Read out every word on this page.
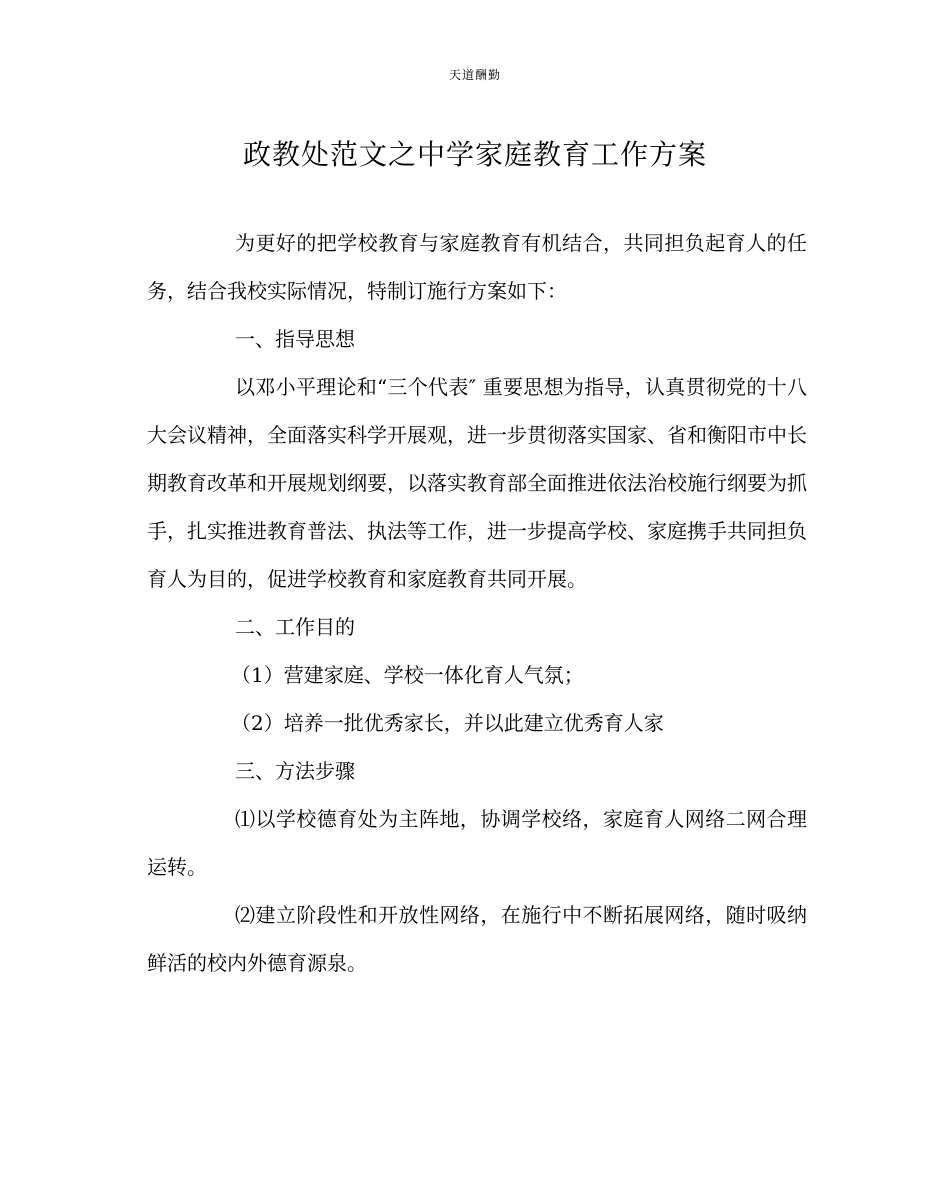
天道酬勤
政教处范文之中学家庭教育工作方案

为更好的把学校教育与家庭教育有机结合，共同担负起育人的任务，结合我校实际情况，特制订施行方案如下：

一、指导思想

以邓小平理论和“三个代表″ 重要思想为指导，认真贯彻党的十八大会议精神，全面落实科学开展观，进一步贯彻落实国家、省和衡阳市中长期教育改革和开展规划纲要，以落实教育部全面推进依法治校施行纲要为抓手，扎实推进教育普法、执法等工作，进一步提高学校、家庭携手共同担负育人为目的，促进学校教育和家庭教育共同开展。

二、工作目的

（1）营建家庭、学校一体化育人气氛；

（2）培养一批优秀家长，并以此建立优秀育人家

三、方法步骤

⑴以学校德育处为主阵地，协调学校络，家庭育人网络二网合理运转。

⑵建立阶段性和开放性网络，在施行中不断拓展网络，随时吸纳鲜活的校内外德育源泉。
